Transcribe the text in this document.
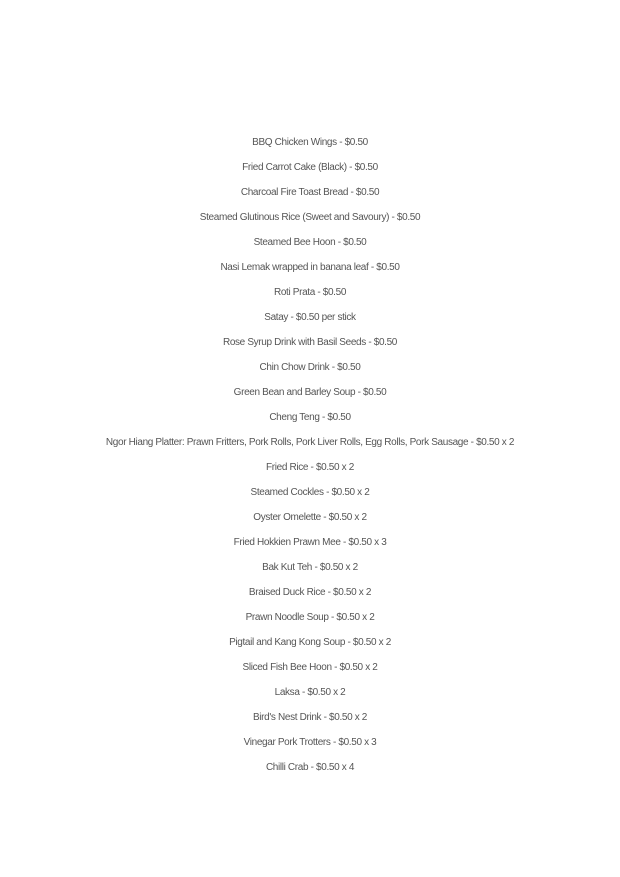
BBQ Chicken Wings - $0.50
Fried Carrot Cake (Black) - $0.50
Charcoal Fire Toast Bread - $0.50
Steamed Glutinous Rice (Sweet and Savoury) - $0.50
Steamed Bee Hoon - $0.50
Nasi Lemak wrapped in banana leaf - $0.50
Roti Prata - $0.50
Satay - $0.50 per stick
Rose Syrup Drink with Basil Seeds - $0.50
Chin Chow Drink - $0.50
Green Bean and Barley Soup - $0.50
Cheng Teng - $0.50
Ngor Hiang Platter: Prawn Fritters, Pork Rolls, Pork Liver Rolls, Egg Rolls, Pork Sausage - $0.50 x 2
Fried Rice - $0.50 x 2
Steamed Cockles - $0.50 x 2
Oyster Omelette - $0.50 x 2
Fried Hokkien Prawn Mee - $0.50 x 3
Bak Kut Teh - $0.50 x 2
Braised Duck Rice - $0.50 x 2
Prawn Noodle Soup - $0.50 x 2
Pigtail and Kang Kong Soup - $0.50 x 2
Sliced Fish Bee Hoon - $0.50 x 2
Laksa - $0.50 x 2
Bird's Nest Drink - $0.50 x 2
Vinegar Pork Trotters - $0.50 x 3
Chilli Crab - $0.50 x 4
